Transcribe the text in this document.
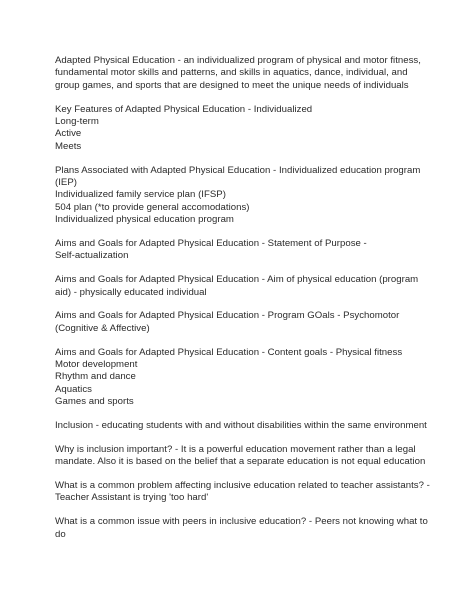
Adapted Physical Education - an individualized program of physical and motor fitness,
fundamental motor skills and patterns, and skills in aquatics, dance, individual, and
group games, and sports that are designed to meet the unique needs of individuals
Key Features of Adapted Physical Education - Individualized
Long-term
Active
Meets
Plans Associated with Adapted Physical Education - Individualized education program
(IEP)
Individualized family service plan (IFSP)
504 plan (*to provide general accomodations)
Individualized physical education program
Aims and Goals for Adapted Physical Education - Statement of Purpose -
Self-actualization
Aims and Goals for Adapted Physical Education - Aim of physical education (program
aid) - physically educated individual
Aims and Goals for Adapted Physical Education - Program GOals - Psychomotor
(Cognitive & Affective)
Aims and Goals for Adapted Physical Education - Content goals - Physical fitness
Motor development
Rhythm and dance
Aquatics
Games and sports
Inclusion - educating students with and without disabilities within the same environment
Why is inclusion important? - It is a powerful education movement rather than a legal
mandate. Also it is based on the belief that a separate education is not equal education
What is a common problem affecting inclusive education related to teacher assistants? -
Teacher Assistant is trying 'too hard'
What is a common issue with peers in inclusive education? - Peers not knowing what to
do
